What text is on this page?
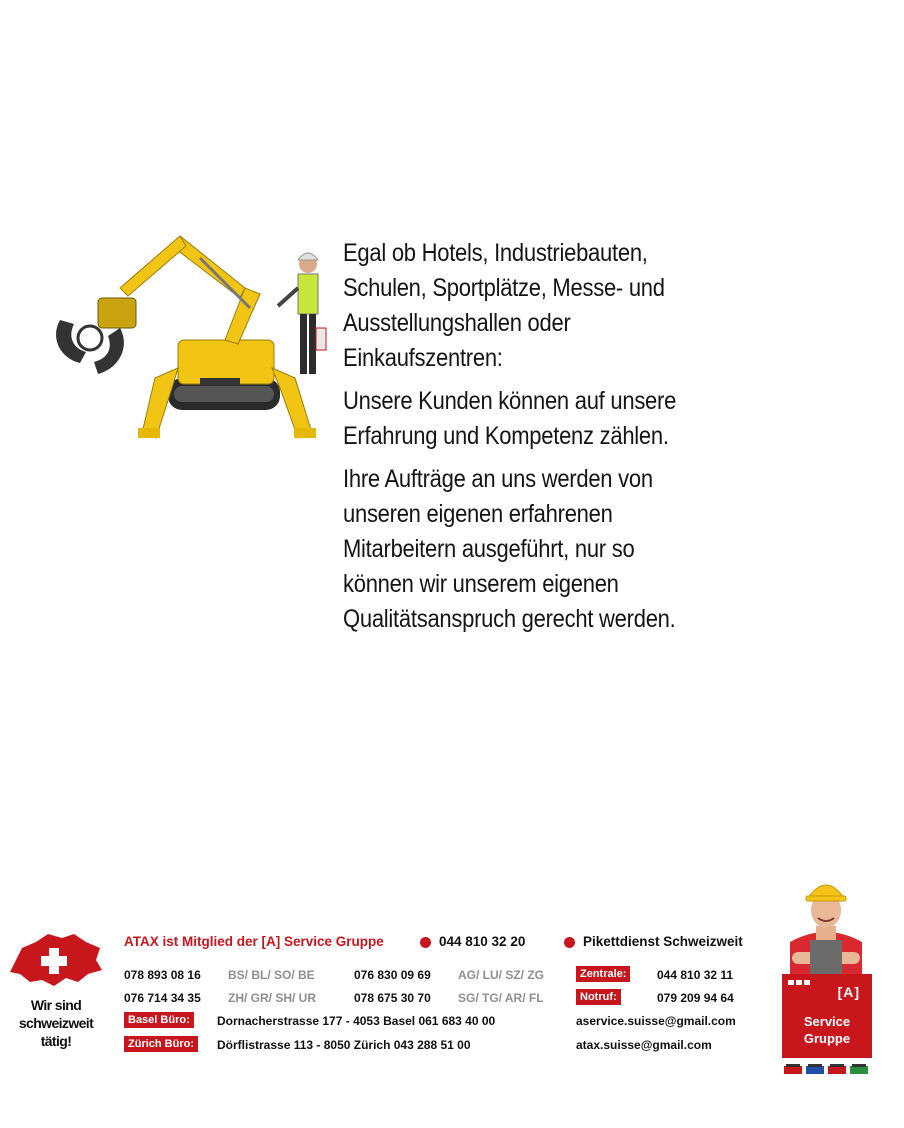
Egal ob Hotels, Industriebauten,
Schulen, Sportplätze, Messe- und
Ausstellungshallen oder
Einkaufszentren:

Unsere Kunden können auf unsere
Erfahrung und Kompetenz zählen.

Ihre Aufträge an uns werden von
unseren eigenen erfahrenen
Mitarbeitern ausgeführt, nur so
können wir unserem eigenen
Qualitätsanspruch gerecht werden.

Wir sind
schweizweit
tätig!
ATAX ist Mitglied der [A] Service Gruppe	044 810 32 20	Pikettdienst Schweizweit
078 893 08 16 BS/ BL/ SO/ BE	076 830 09 69 AG/ LU/ SZ/ ZG	Zentrale:	044 810 32 11
076 714 34 35 ZH/ GR/ SH/ UR	078 675 30 70 SG/ TG/ AR/ FL	Notruf:	079 209 94 64
Basel Büro:	Dornacherstrasse 177 - 4053 Basel 061 683 40 00	aservice.suisse@gmail.com
Zürich Büro:	Dörflistrasse 113 - 8050 Zürich 043 288 51 00	atax.suisse@gmail.com
[A]
Service
Gruppe
